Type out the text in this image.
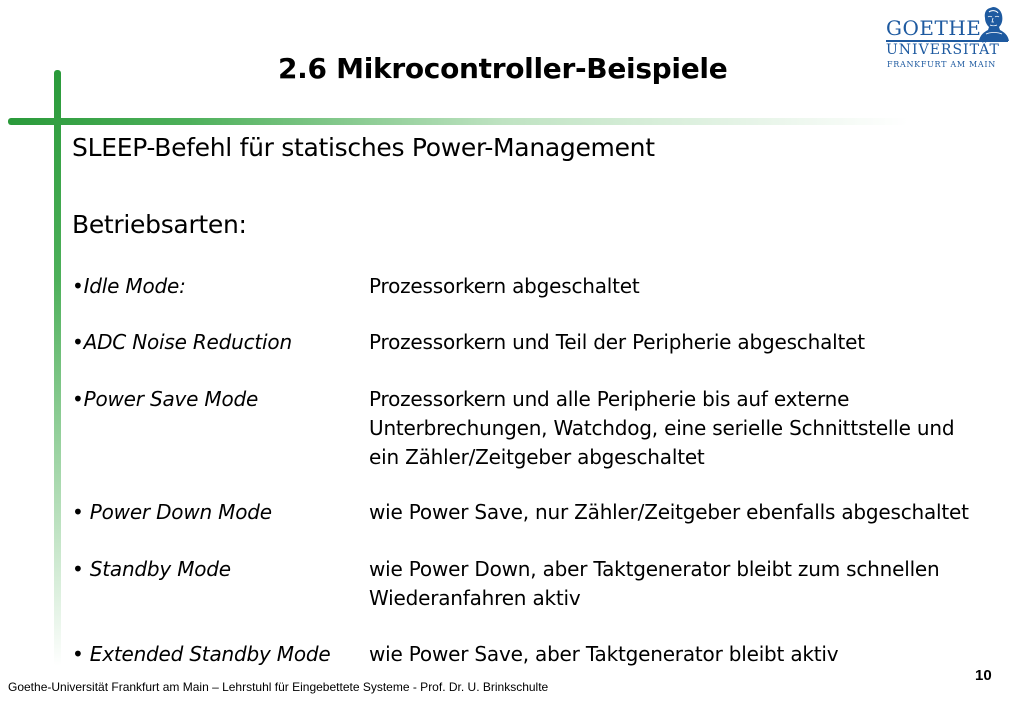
2.6 Mikrocontroller-Beispiele
GOETHE
UNIVERSITÄT
FRANKFURT AM MAIN
SLEEP-Befehl für statisches Power-Management
Betriebsarten:
•Idle Mode:	Prozessorkern abgeschaltet
•ADC Noise Reduction	Prozessorkern und Teil der Peripherie abgeschaltet
•Power Save Mode	Prozessorkern und alle Peripherie bis auf externe
Unterbrechungen, Watchdog, eine serielle Schnittstelle und
ein Zähler/Zeitgeber abgeschaltet
• Power Down Mode	wie Power Save, nur Zähler/Zeitgeber ebenfalls abgeschaltet
• Standby Mode	wie Power Down, aber Taktgenerator bleibt zum schnellen
Wiederanfahren aktiv
• Extended Standby Mode wie Power Save, aber Taktgenerator bleibt aktiv
Goethe-Universität Frankfurt am Main – Lehrstuhl für Eingebettete Systeme - Prof. Dr. U. Brinkschulte
10
